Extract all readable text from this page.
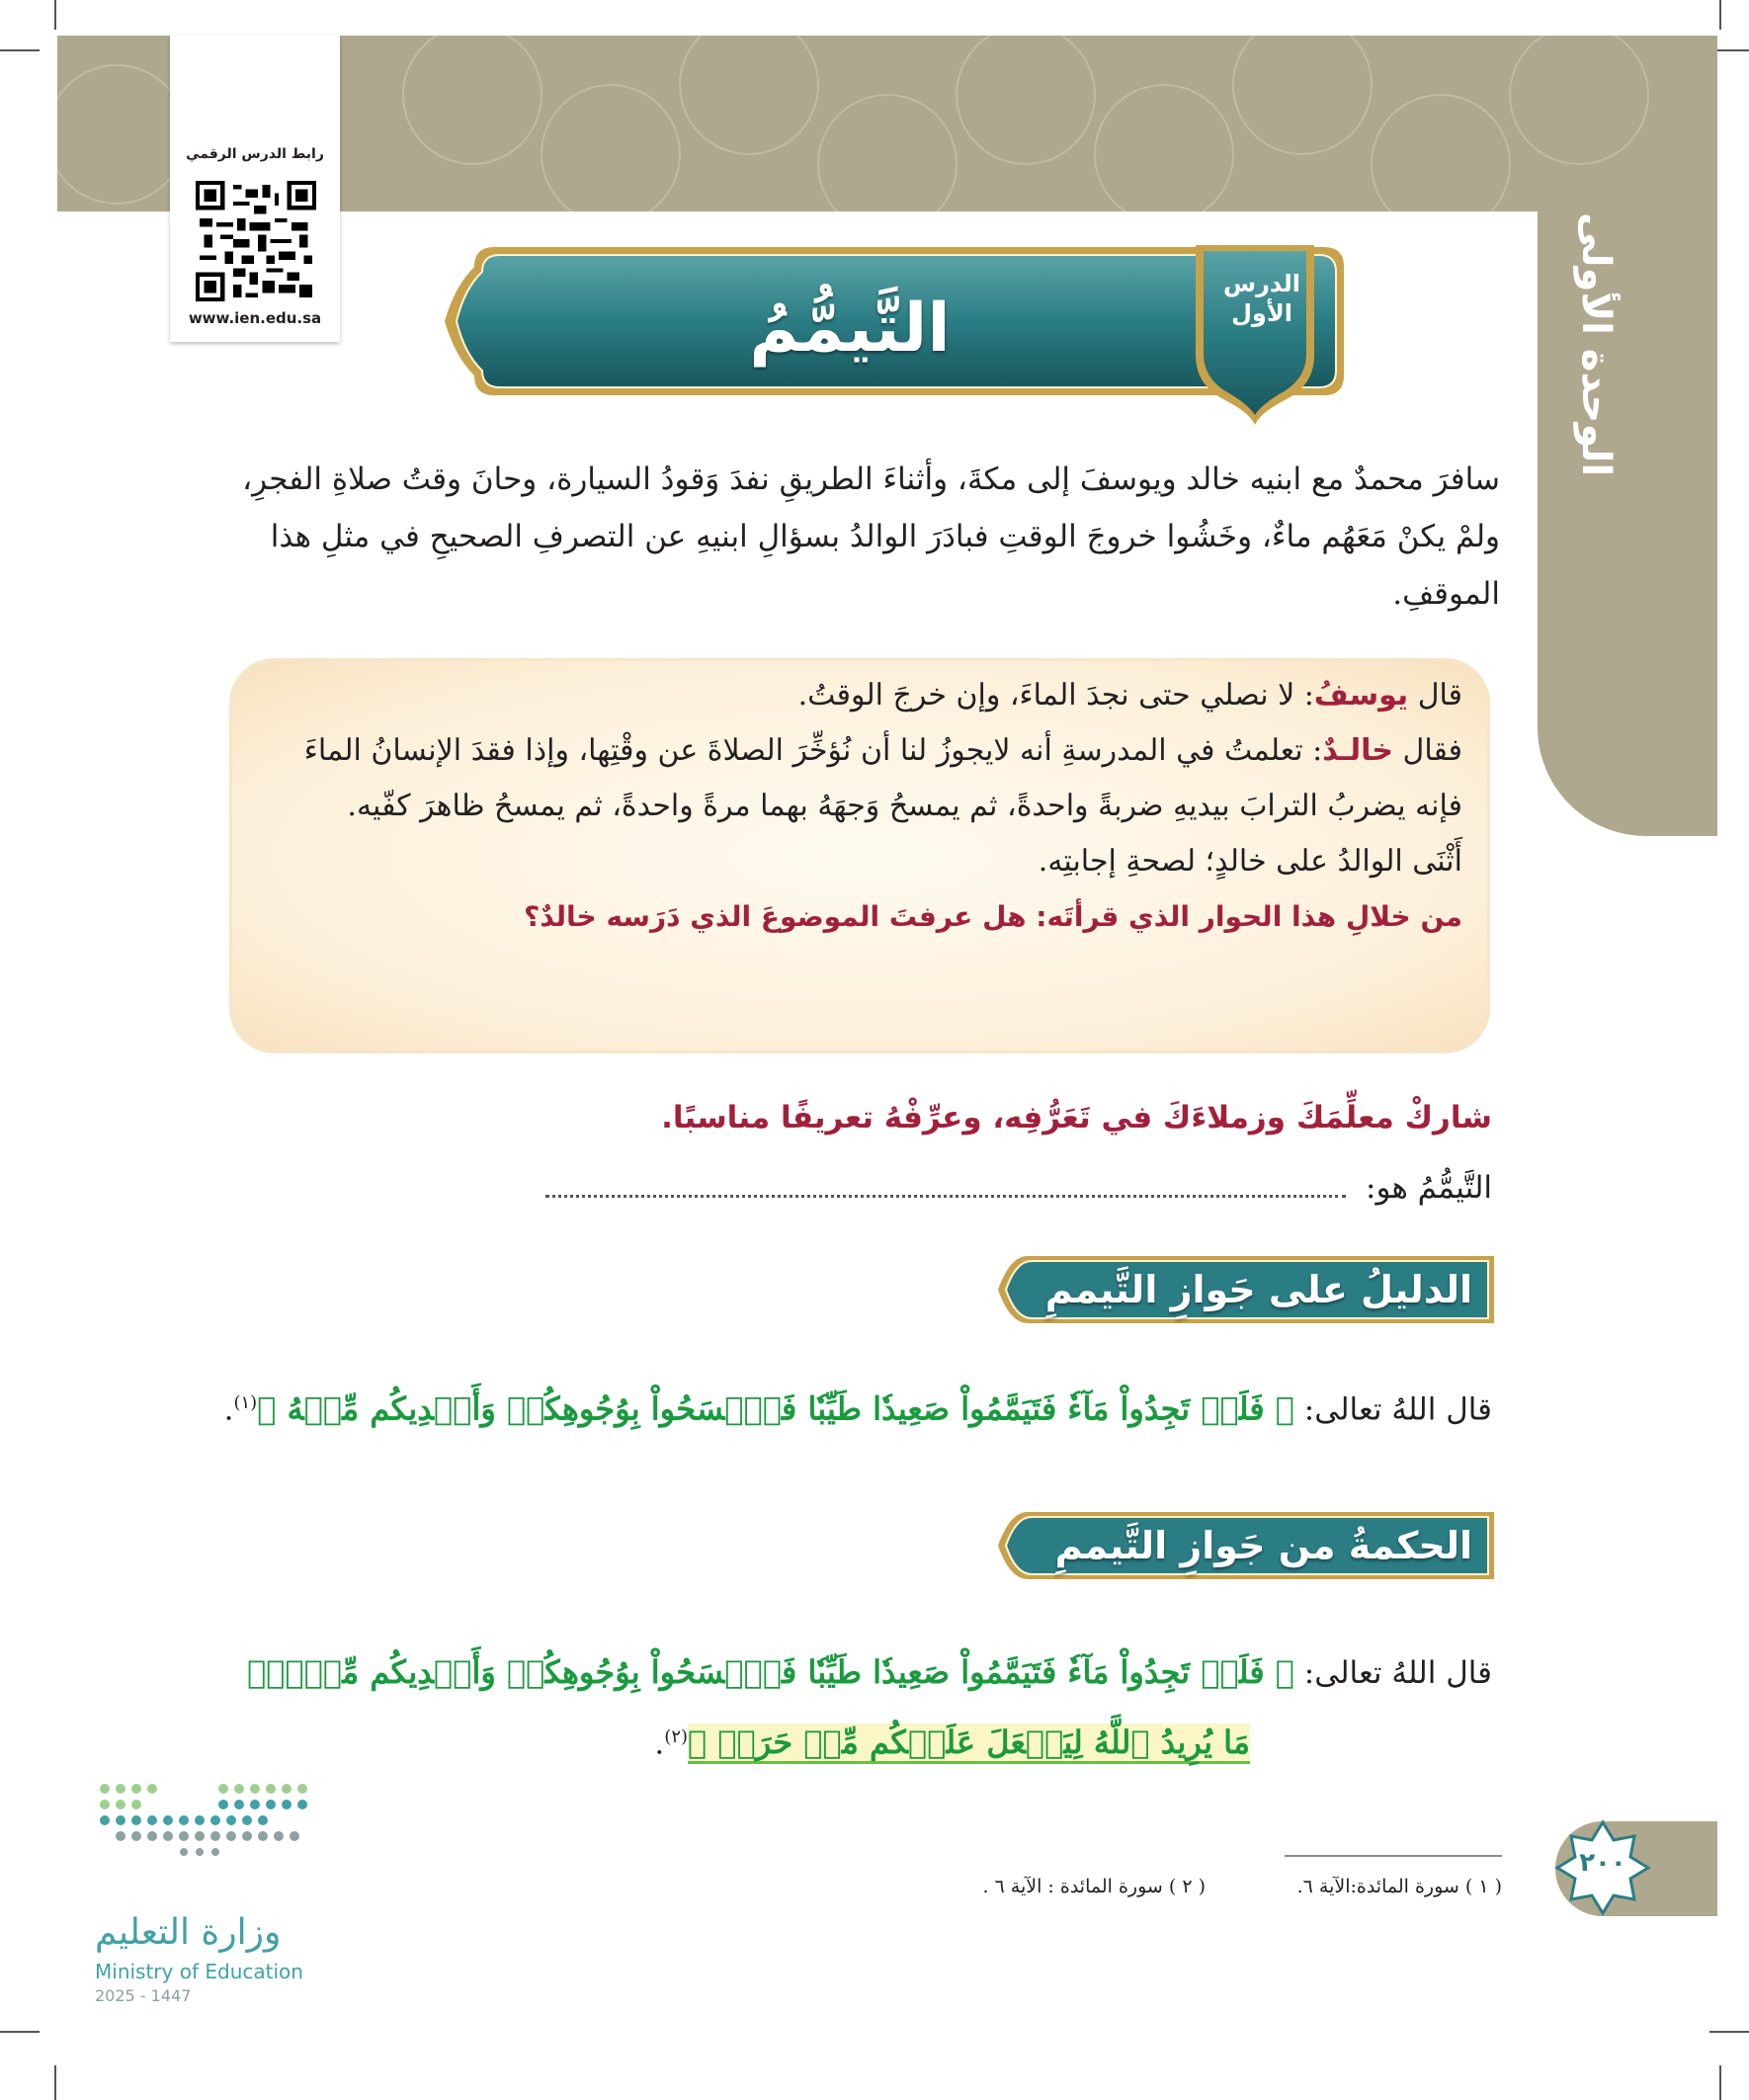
الوحدة الأولى
رابط الدرس الرقمي
www.ien.edu.sa	التَّيمُّمُ
الدرس
الأول
سافرَ محمدٌ مع ابنيه خالد ويوسفَ إلى مكةَ، وأثناءَ الطريقِ نفدَ وَقودُ السيارة، وحانَ وقتُ صلاةِ الفجرِ، ولمْ يكنْ مَعَهُم ماءٌ، وخَشُوا خروجَ الوقتِ فبادَرَ الوالدُ بسؤالِ ابنيهِ عن التصرفِ الصحيحِ في مثلِ هذا الموقفِ.
قال يوسفُ: لا نصلي حتى نجدَ الماءَ، وإن خرجَ الوقتُ.
فقال خالـدٌ: تعلمتُ في المدرسةِ أنه لايجوزُ لنا أن نُؤخِّرَ الصلاةَ عن وقْتِها، وإذا فقدَ الإنسانُ الماءَ فإنه يضربُ الترابَ بيديهِ ضربةً واحدةً، ثم يمسحُ وَجهَهُ بهما مرةً واحدةً، ثم يمسحُ ظاهرَ كفّيه.
أَثْنَى الوالدُ على خالدٍ؛ لصحةِ إجابتِه.
من خلالِ هذا الحوار الذي قرأتَه: هل عرفتَ الموضوعَ الذي دَرَسه خالدٌ؟
شاركْ معلِّمَكَ وزملاءَكَ في تَعَرُّفِه، وعرِّفْهُ تعريفًا مناسبًا.
التَّيمُّمُ هو:
الدليلُ على جَوازِ التَّيممِ
قال اللهُ تعالى: ﴿ فَلَمۡ تَجِدُواْ مَآءٗ فَتَيَمَّمُواْ صَعِيدٗا طَيِّبٗا فَٱمۡسَحُواْ بِوُجُوهِكُمۡ وَأَيۡدِيكُم مِّنۡهُ ﴾$^{(١)}$.
الحكمةُ من جَوازِ التَّيممِ
قال اللهُ تعالى: ﴿ فَلَمۡ تَجِدُواْ مَآءٗ فَتَيَمَّمُواْ صَعِيدٗا طَيِّبٗا فَٱمۡسَحُواْ بِوُجُوهِكُمۡ وَأَيۡدِيكُم مِّنۡهُۚ
مَا يُرِيدُ ٱللَّهُ لِيَجۡعَلَ عَلَيۡكُم مِّنۡ حَرَجٖ ﴾$^{(٢)}$.
( ١ ) سورة المائدة:الآية ٦.
( ٢ ) سورة المائدة : الآية ٦ .
٢٠٠
وزارة التعليم
Ministry of Education
2025 - 1447
